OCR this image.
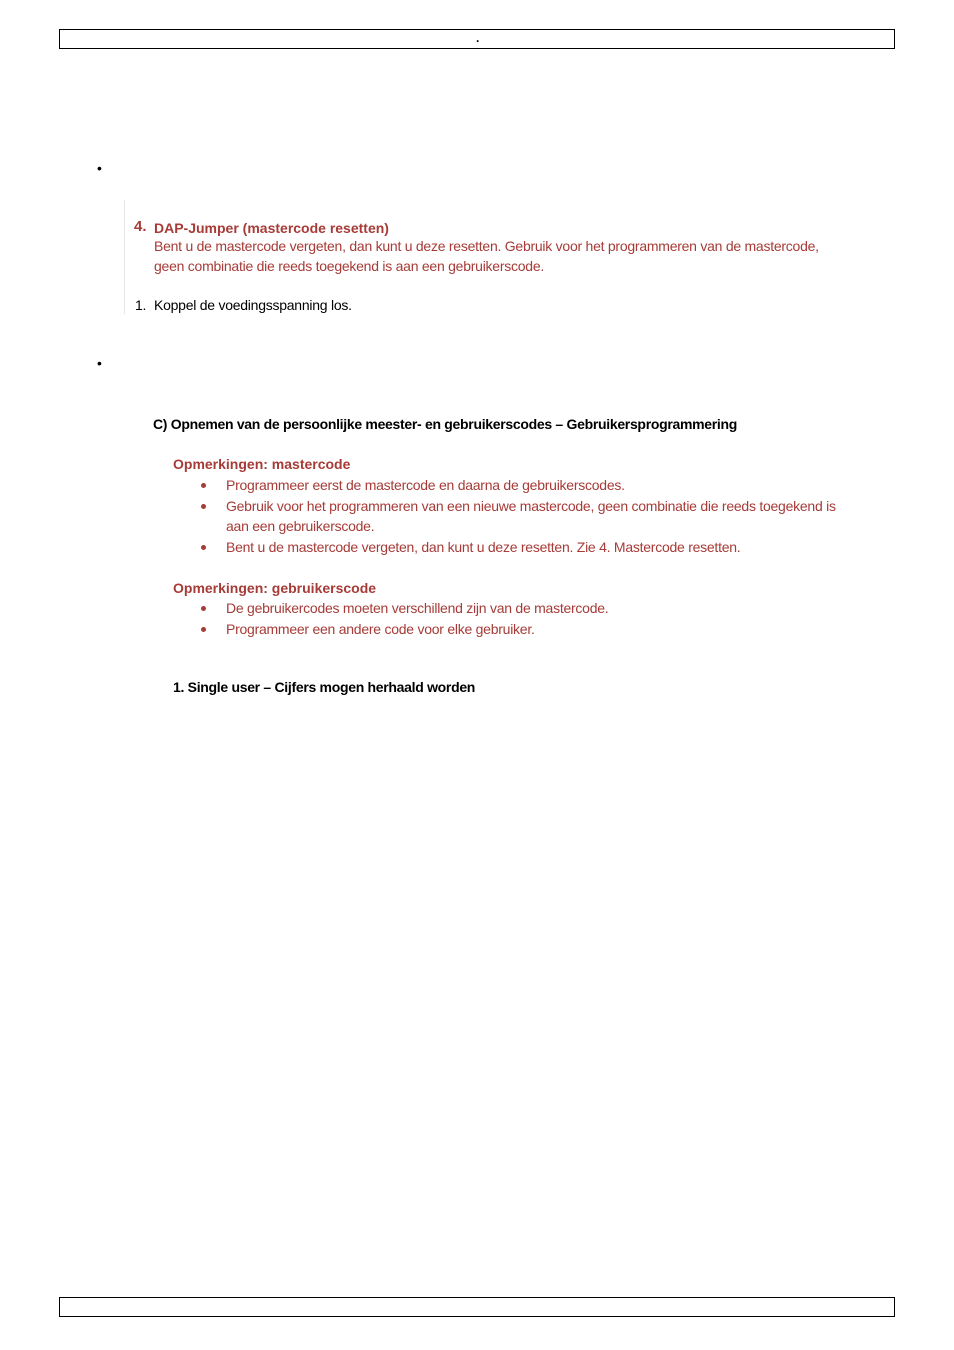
.
•
4. DAP-Jumper (mastercode resetten)
Bent u de mastercode vergeten, dan kunt u deze resetten. Gebruik voor het programmeren van de mastercode,
geen combinatie die reeds toegekend is aan een gebruikerscode.
1. Koppel de voedingsspanning los.
•
C) Opnemen van de persoonlijke meester- en gebruikerscodes – Gebruikersprogrammering
Opmerkingen: mastercode
Programmeer eerst de mastercode en daarna de gebruikerscodes.
Gebruik voor het programmeren van een nieuwe mastercode, geen combinatie die reeds toegekend is
aan een gebruikerscode.
Bent u de mastercode vergeten, dan kunt u deze resetten. Zie 4. Mastercode resetten.
Opmerkingen: gebruikerscode
De gebruikercodes moeten verschillend zijn van de mastercode.
Programmeer een andere code voor elke gebruiker.
1. Single user – Cijfers mogen herhaald worden
